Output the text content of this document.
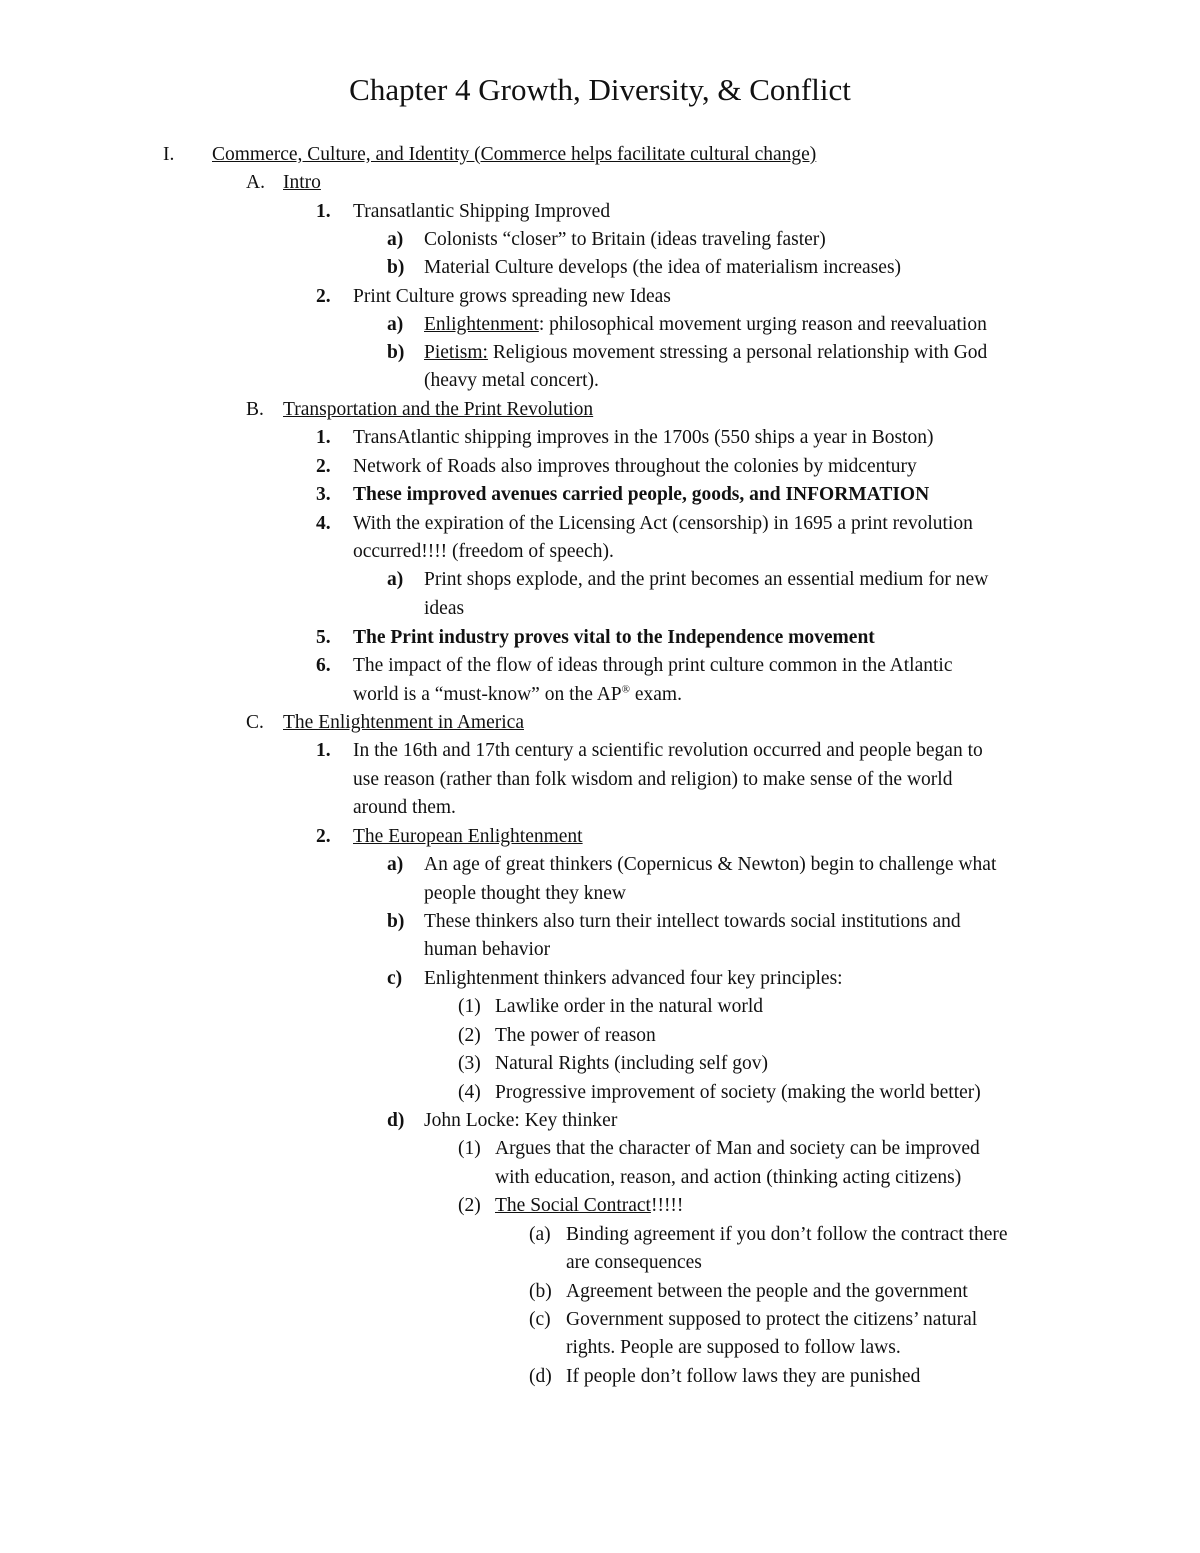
Chapter 4 Growth, Diversity, & Conflict
I. Commerce, Culture, and Identity (Commerce helps facilitate cultural change)

A. Intro

1. Transatlantic Shipping Improved

a) Colonists “closer” to Britain (ideas traveling faster)

b) Material Culture develops (the idea of materialism increases)

2. Print Culture grows spreading new Ideas

a) Enlightenment: philosophical movement urging reason and reevaluation

b) Pietism: Religious movement stressing a personal relationship with God

(heavy metal concert).

B. Transportation and the Print Revolution

1. TransAtlantic shipping improves in the 1700s (550 ships a year in Boston)

2. Network of Roads also improves throughout the colonies by midcentury

3. These improved avenues carried people, goods, and INFORMATION

4. With the expiration of the Licensing Act (censorship) in 1695 a print revolution

occurred!!!! (freedom of speech).

a) Print shops explode, and the print becomes an essential medium for new

ideas

5. The Print industry proves vital to the Independence movement

6. The impact of the flow of ideas through print culture common in the Atlantic

world is a “must-know” on the AP® exam.

C. The Enlightenment in America

1. In the 16th and 17th century a scientific revolution occurred and people began to

use reason (rather than folk wisdom and religion) to make sense of the world

around them.

2. The European Enlightenment

a) An age of great thinkers (Copernicus & Newton) begin to challenge what

people thought they knew

b) These thinkers also turn their intellect towards social institutions and

human behavior

c) Enlightenment thinkers advanced four key principles:

(1) Lawlike order in the natural world

(2) The power of reason

(3) Natural Rights (including self gov)

(4) Progressive improvement of society (making the world better)

d) John Locke: Key thinker

(1) Argues that the character of Man and society can be improved

with education, reason, and action (thinking acting citizens)

(2) The Social Contract!!!!!

(a) Binding agreement if you don’t follow the contract there

are consequences

(b) Agreement between the people and the government

(c) Government supposed to protect the citizens’ natural

rights. People are supposed to follow laws.

(d) If people don’t follow laws they are punished
